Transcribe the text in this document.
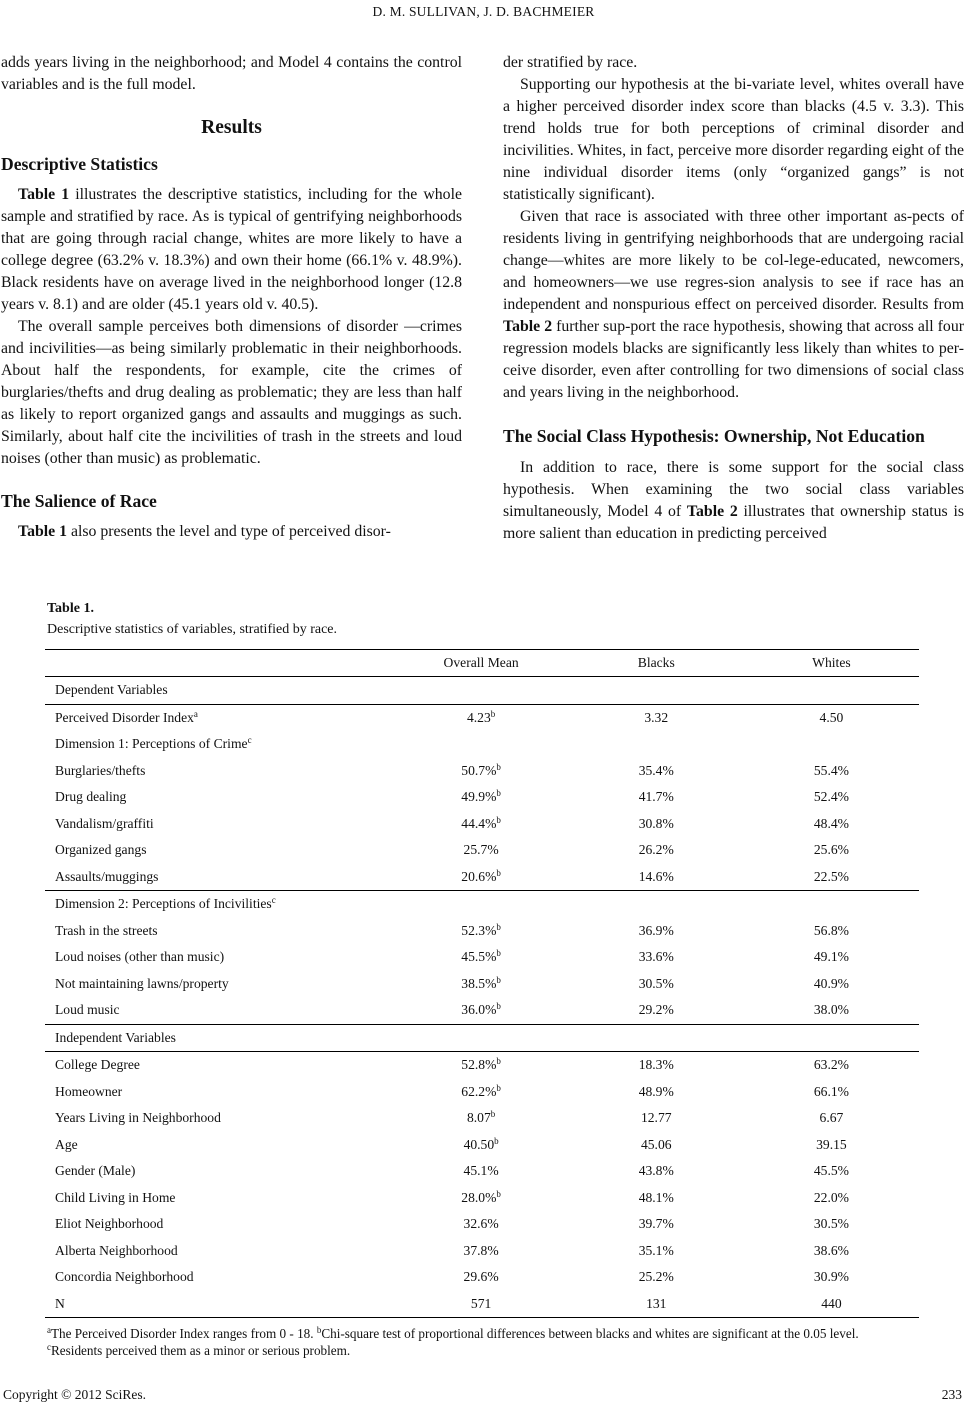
D. M. SULLIVAN, J. D. BACHMEIER

adds years living in the neighborhood; and Model 4 contains the control variables and is the full model.

Results
Descriptive Statistics

Table 1 illustrates the descriptive statistics, including for the whole sample and stratified by race. As is typical of gentrifying neighborhoods that are going through racial change, whites are more likely to have a college degree (63.2% v. 18.3%) and own their home (66.1% v. 48.9%). Black residents have on average lived in the neighborhood longer (12.8 years v. 8.1) and are older (45.1 years old v. 40.5).

The overall sample perceives both dimensions of disorder —crimes and incivilities—as being similarly problematic in their neighborhoods. About half the respondents, for example, cite the crimes of burglaries/thefts and drug dealing as problematic; they are less than half as likely to report organized gangs and assaults and muggings as such. Similarly, about half cite the incivilities of trash in the streets and loud noises (other than music) as problematic.

The Salience of Race

Table 1 also presents the level and type of perceived disor-

der stratified by race.

Supporting our hypothesis at the bi-variate level, whites overall have a higher perceived disorder index score than blacks (4.5 v. 3.3). This trend holds true for both perceptions of criminal disorder and incivilities. Whites, in fact, perceive more disorder regarding eight of the nine individual disorder items (only “organized gangs” is not statistically significant).

Given that race is associated with three other important as-pects of residents living in gentrifying neighborhoods that are undergoing racial change—whites are more likely to be col-lege-educated, newcomers, and homeowners—we use regres-sion analysis to see if race has an independent and nonspurious effect on perceived disorder. Results from Table 2 further sup-port the race hypothesis, showing that across all four regression models blacks are significantly less likely than whites to per-ceive disorder, even after controlling for two dimensions of social class and years living in the neighborhood.

The Social Class Hypothesis: Ownership, Not Education

In addition to race, there is some support for the social class hypothesis. When examining the two social class variables simultaneously, Model 4 of Table 2 illustrates that ownership status is more salient than education in predicting perceived

Table 1.
Descriptive statistics of variables, stratified by race.
	Overall Mean	Blacks	Whites
Dependent Variables			
Perceived Disorder Index$^a$	4.23$^b$	3.32	4.50
Dimension 1: Perceptions of Crime$^c$
Burglaries/thefts	50.7%$^b$	35.4%	55.4%
Drug dealing	49.9%$^b$	41.7%	52.4%
Vandalism/graffiti	44.4%$^b$	30.8%	48.4%
Organized gangs	25.7%	26.2%	25.6%
Assaults/muggings	20.6%$^b$	14.6%	22.5%
Dimension 2: Perceptions of Incivilities$^c$
Trash in the streets	52.3%$^b$	36.9%	56.8%
Loud noises (other than music)	45.5%$^b$	33.6%	49.1%
Not maintaining lawns/property	38.5%$^b$	30.5%	40.9%
Loud music	36.0%$^b$	29.2%	38.0%
Independent Variables			
College Degree	52.8%$^b$	18.3%	63.2%
Homeowner	62.2%$^b$	48.9%	66.1%
Years Living in Neighborhood	8.07$^b$	12.77	6.67
Age	40.50$^b$	45.06	39.15
Gender (Male)	45.1%	43.8%	45.5%
Child Living in Home	28.0%$^b$	48.1%	22.0%
Eliot Neighborhood	32.6%	39.7%	30.5%
Alberta Neighborhood	37.8%	35.1%	38.6%
Concordia Neighborhood	29.6%	25.2%	30.9%
N	571	131	440
$^a$The Perceived Disorder Index ranges from 0 - 18. $^b$Chi-square test of proportional differences between blacks and whites are significant at the 0.05 level.
$^c$Residents perceived them as a minor or serious problem.
Copyright © 2012 SciRes.	233
